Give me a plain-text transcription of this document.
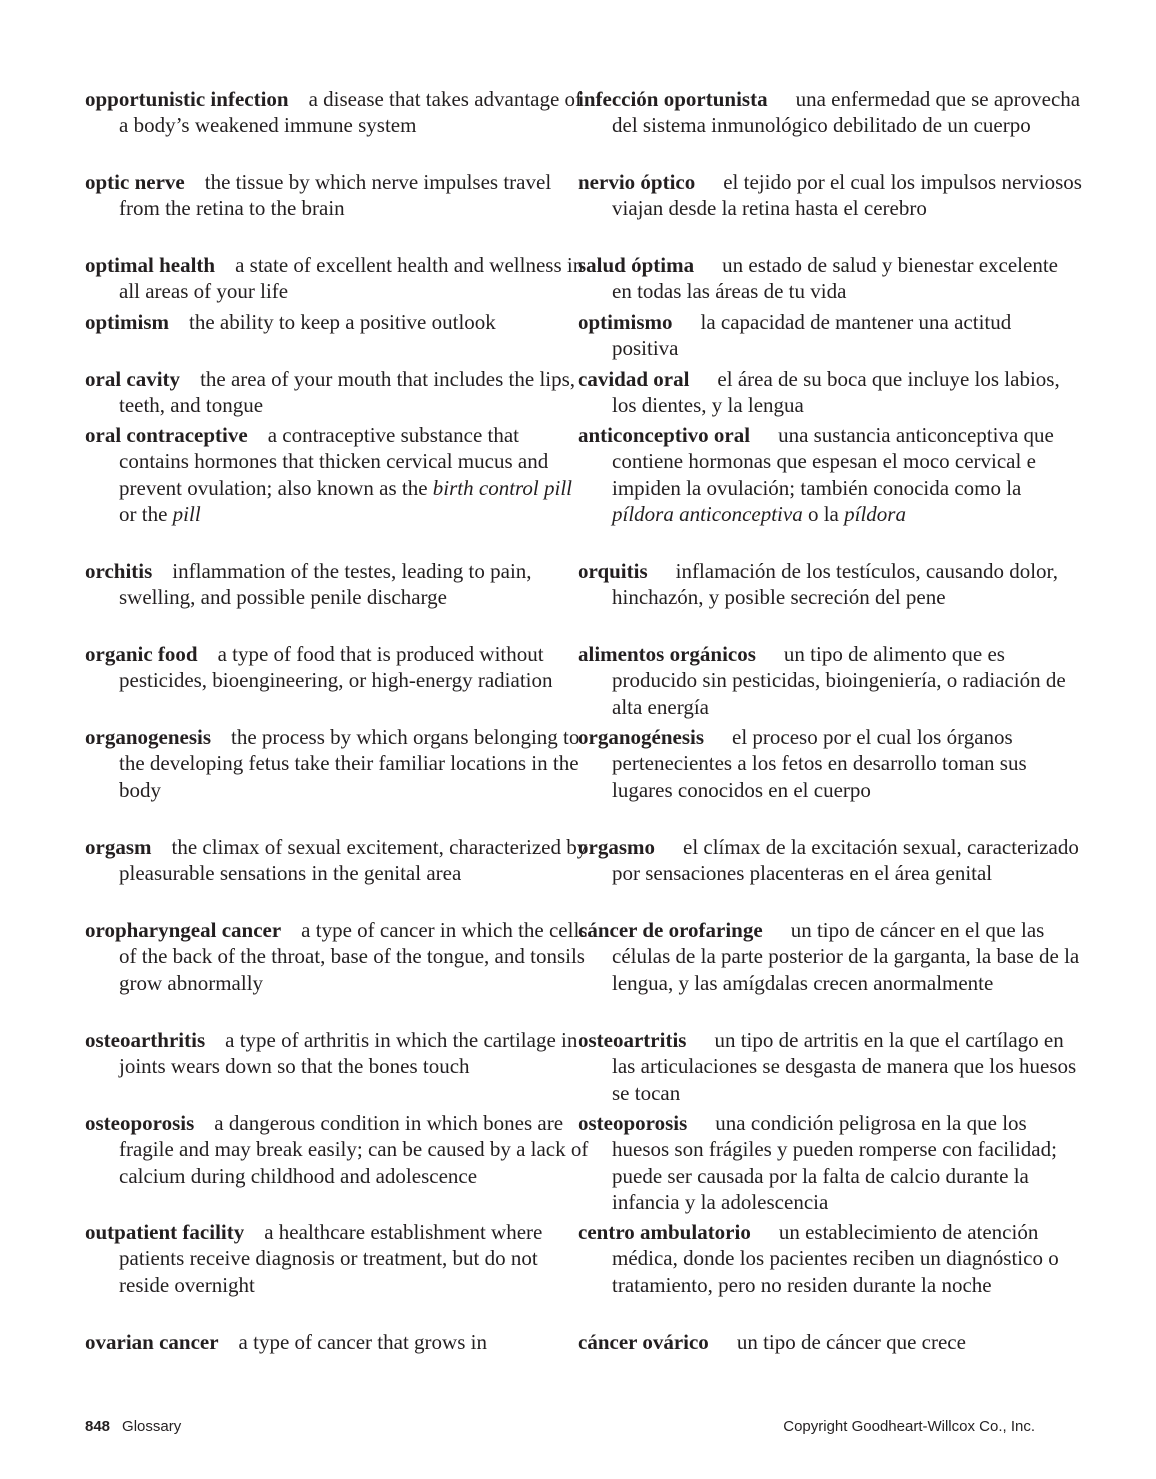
opportunistic infection a disease that takes advantage of a body’s weakened immune system
optic nerve the tissue by which nerve impulses travel from the retina to the brain
optimal health a state of excellent health and wellness in all areas of your life
optimism the ability to keep a positive outlook
oral cavity the area of your mouth that includes the lips, teeth, and tongue
oral contraceptive a contraceptive substance that contains hormones that thicken cervical mucus and prevent ovulation; also known as the birth control pill or the pill
orchitis inflammation of the testes, leading to pain, swelling, and possible penile discharge
organic food a type of food that is produced without pesticides, bioengineering, or high-energy radiation
organogenesis the process by which organs belonging to the developing fetus take their familiar locations in the body
orgasm the climax of sexual excitement, characterized by pleasurable sensations in the genital area
oropharyngeal cancer a type of cancer in which the cells of the back of the throat, base of the tongue, and tonsils grow abnormally
osteoarthritis a type of arthritis in which the cartilage in joints wears down so that the bones touch
osteoporosis a dangerous condition in which bones are fragile and may break easily; can be caused by a lack of calcium during childhood and adolescence
outpatient facility a healthcare establishment where patients receive diagnosis or treatment, but do not reside overnight
ovarian cancer a type of cancer that grows in
infección oportunista una enfermedad que se aprovecha del sistema inmunológico debilitado de un cuerpo
nervio óptico el tejido por el cual los impulsos nerviosos viajan desde la retina hasta el cerebro
salud óptima un estado de salud y bienestar excelente en todas las áreas de tu vida
optimismo la capacidad de mantener una actitud positiva
cavidad oral el área de su boca que incluye los labios, los dientes, y la lengua
anticonceptivo oral una sustancia anticonceptiva que contiene hormonas que espesan el moco cervical e impiden la ovulación; también conocida como la píldora anticonceptiva o la píldora
orquitis inflamación de los testículos, causando dolor, hinchazón, y posible secreción del pene
alimentos orgánicos un tipo de alimento que es producido sin pesticidas, bioingeniería, o radiación de alta energía
organogénesis el proceso por el cual los órganos pertenecientes a los fetos en desarrollo toman sus lugares conocidos en el cuerpo
orgasmo el clímax de la excitación sexual, caracterizado por sensaciones placenteras en el área genital
cáncer de orofaringe un tipo de cáncer en el que las células de la parte posterior de la garganta, la base de la lengua, y las amígdalas crecen anormalmente
osteoartritis un tipo de artritis en la que el cartílago en las articulaciones se desgasta de manera que los huesos se tocan
osteoporosis una condición peligrosa en la que los huesos son frágiles y pueden romperse con facilidad; puede ser causada por la falta de calcio durante la infancia y la adolescencia
centro ambulatorio un establecimiento de atención médica, donde los pacientes reciben un diagnóstico o tratamiento, pero no residen durante la noche
cáncer ovárico un tipo de cáncer que crece
848 Glossary	Copyright Goodheart-Willcox Co., Inc.
